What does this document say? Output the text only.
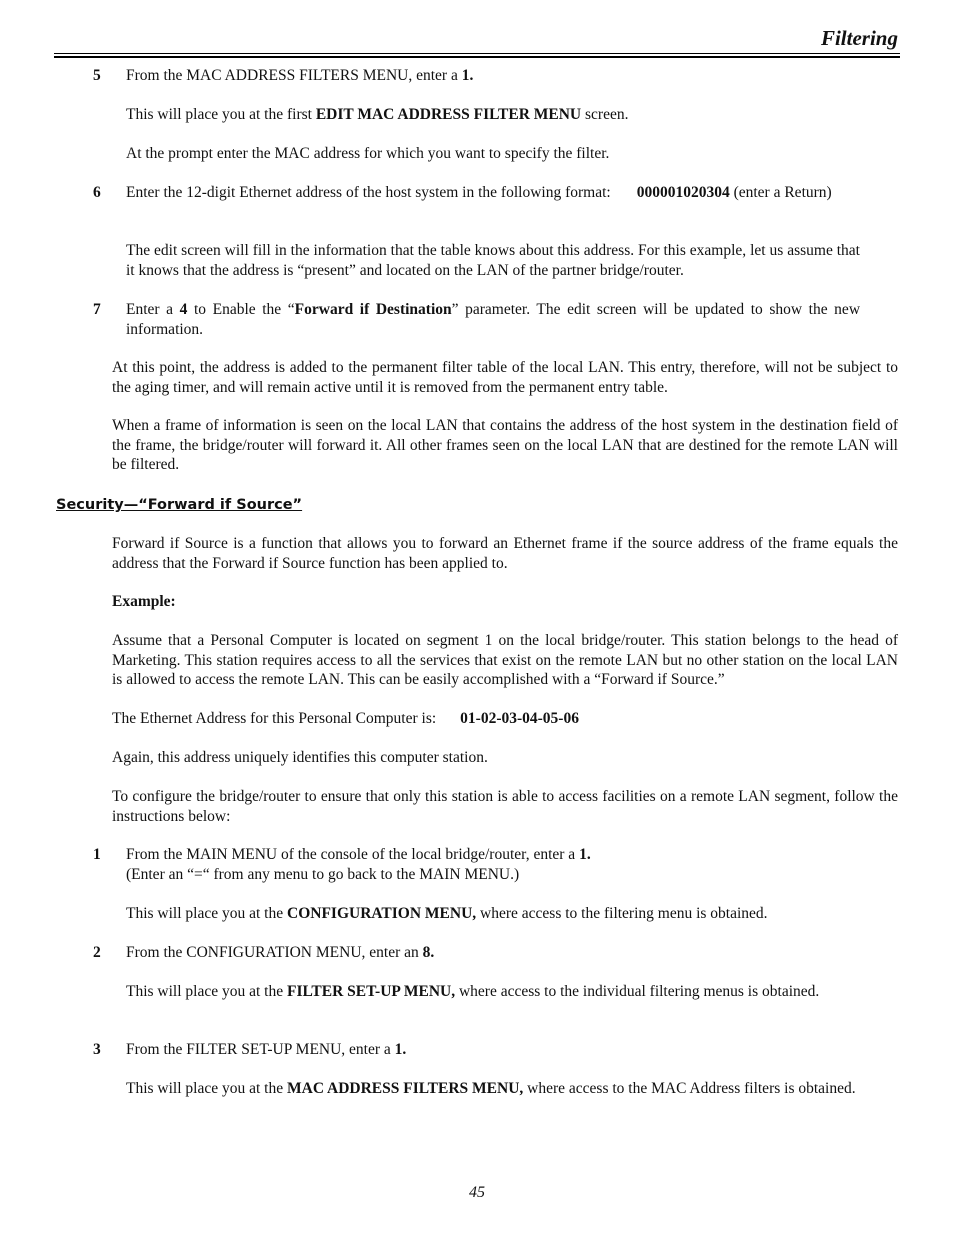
Filtering
5 From the MAC ADDRESS FILTERS MENU, enter a 1.
This will place you at the first EDIT MAC ADDRESS FILTER MENU screen.
At the prompt enter the MAC address for which you want to specify the filter.
6 Enter the 12-digit Ethernet address of the host system in the following format: 000001020304 (enter a Return)
The edit screen will fill in the information that the table knows about this address. For this example, let us assume that it knows that the address is “present” and located on the LAN of the partner bridge/router.
7 Enter a 4 to Enable the “Forward if Destination” parameter. The edit screen will be updated to show the new information.
At this point, the address is added to the permanent filter table of the local LAN. This entry, therefore, will not be subject to the aging timer, and will remain active until it is removed from the permanent entry table.
When a frame of information is seen on the local LAN that contains the address of the host system in the destination field of the frame, the bridge/router will forward it. All other frames seen on the local LAN that are destined for the remote LAN will be filtered.
Security—“Forward if Source”
Forward if Source is a function that allows you to forward an Ethernet frame if the source address of the frame equals the address that the Forward if Source function has been applied to.
Example:
Assume that a Personal Computer is located on segment 1 on the local bridge/router. This station belongs to the head of Marketing. This station requires access to all the services that exist on the remote LAN but no other station on the local LAN is allowed to access the remote LAN. This can be easily accomplished with a “Forward if Source.”
The Ethernet Address for this Personal Computer is: 01-02-03-04-05-06
Again, this address uniquely identifies this computer station.
To configure the bridge/router to ensure that only this station is able to access facilities on a remote LAN segment, follow the instructions below:
1 From the MAIN MENU of the console of the local bridge/router, enter a 1.
(Enter an “=“ from any menu to go back to the MAIN MENU.)
This will place you at the CONFIGURATION MENU, where access to the filtering menu is obtained.
2 From the CONFIGURATION MENU, enter an 8.
This will place you at the FILTER SET-UP MENU, where access to the individual filtering menus is obtained.
3 From the FILTER SET-UP MENU, enter a 1.
This will place you at the MAC ADDRESS FILTERS MENU, where access to the MAC Address filters is obtained.
45
